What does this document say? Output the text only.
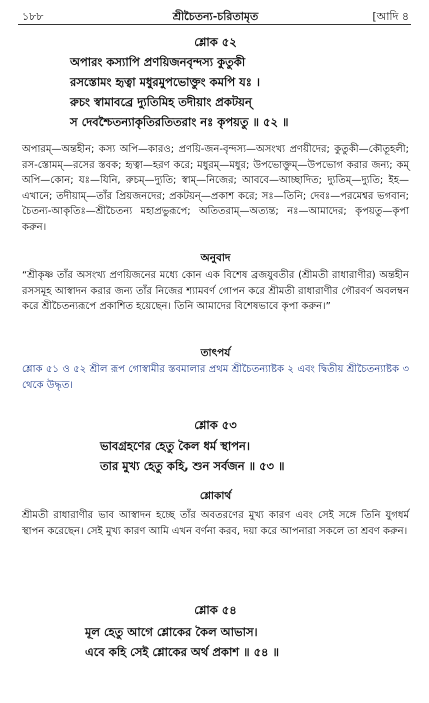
১৮৮	শ্রীচৈতন্য-চরিতামৃত	[আদি ৪
শ্লোক ৫২
অপারং কস্যাপি প্রণয়িজনবৃন্দস্য কুতুকী
রসস্তোমং হৃত্বা মধুরমুপভোক্তুং কমপি যঃ ।
রুচং স্বামাবব্রে দ্যুতিমিহ তদীয়াং প্রকটয়ন্
স দেবশ্চৈতন্যাকৃতিরতিতরাং নঃ কৃপয়তু ॥ ৫২ ॥
অপারম্—অন্তহীন; কস্য অপি—কারও; প্রণয়ি-জন-বৃন্দস্য—অসংখ্য প্রণয়ীদের; কুতুকী—কৌতূহলী; রস-স্তোমম্—রসের স্তবক; হৃত্বা—হরণ করে; মধুরম্—মধুর; উপভোক্তুম্—উপভোগ করার জন্য; কম্ অপি—কোন; যঃ—যিনি, রুচম্—দ্যুতি; স্বাম্—নিজের; আববে—আচ্ছাদিত; দ্যুতিম্—দ্যুতি; ইহ—এখানে; তদীয়াম্—তাঁর প্রিয়জনদের; প্রকটয়ন্—প্রকাশ করে; সঃ—তিনি; দেবঃ—পরমেশ্বর ভগবান; চৈতন্য-আকৃতিঃ—শ্রীচৈতন্য মহাপ্রভুরূপে; অতিতরাম্—অত্যন্ত; নঃ—আমাদের; কৃপয়তু—কৃপা করুন।
অনুবাদ
“শ্রীকৃষ্ণ তাঁর অসংখ্য প্রণয়িজনের মধ্যে কোন এক বিশেষ ব্রজযুবতীর (শ্রীমতী রাধারাণীর) অন্তহীন রসসমূহ আস্বাদন করার জন্য তাঁর নিজের শ্যামবর্ণ গোপন করে শ্রীমতী রাধারাণীর গৌরবর্ণ অবলম্বন করে শ্রীচৈতন্যরূপে প্রকাশিত হয়েছেন। তিনি আমাদের বিশেষভাবে কৃপা করুন।”
তাৎপর্য
শ্লোক ৫১ ও ৫২ শ্রীল রূপ গোস্বামীর স্তবমালার প্রথম শ্রীচৈতন্যাষ্টক ২ এবং দ্বিতীয় শ্রীচৈতন্যাষ্টক ৩ থেকে উদ্ধৃত।
শ্লোক ৫৩
ভাবগ্রহণের হেতু কৈল ধর্ম স্থাপন।
তার মুখ্য হেতু কহি, শুন সর্বজন ॥ ৫৩ ॥
শ্লোকার্থ
শ্রীমতী রাধারাণীর ভাব আস্বাদন হচ্ছে তাঁর অবতরণের মুখ্য কারণ এবং সেই সঙ্গে তিনি যুগধর্ম স্থাপন করেছেন। সেই মুখ্য কারণ আমি এখন বর্ণনা করব, দয়া করে আপনারা সকলে তা শ্রবণ করুন।
শ্লোক ৫৪
মূল হেতু আগে শ্লোকের কৈল আভাস।
এবে কহি সেই শ্লোকের অর্থ প্রকাশ ॥ ৫৪ ॥
